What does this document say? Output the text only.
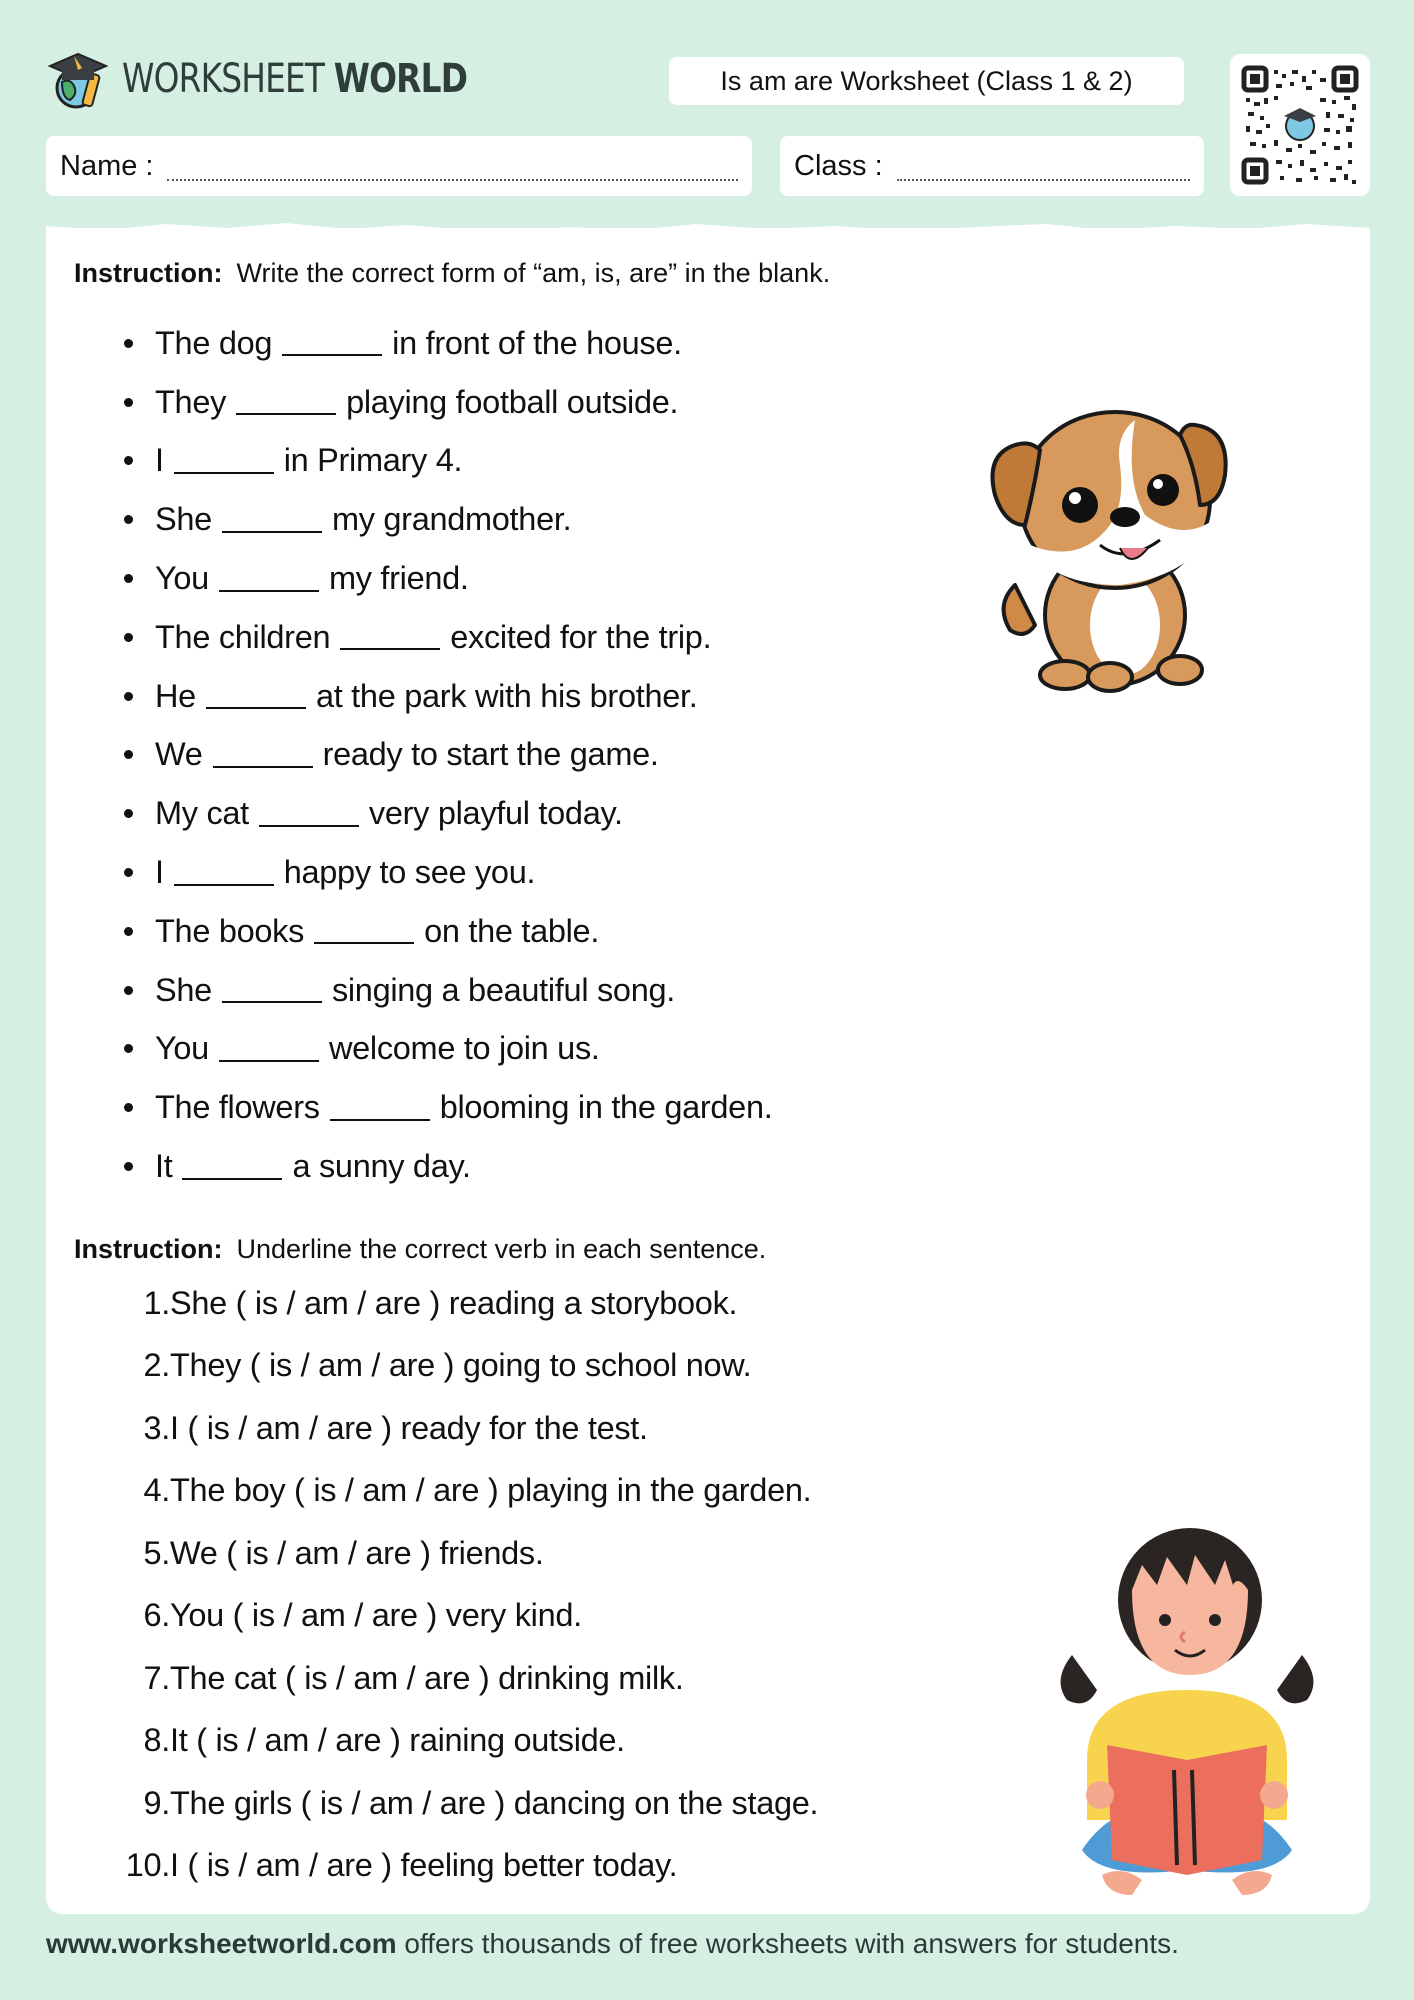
WORKSHEET WORLD	Is am are Worksheet (Class 1 & 2)
Name :	Class :
Instruction: Write the correct form of “am, is, are” in the blank.
The dog	in front of the house.
They	playing football outside.
I	in Primary 4.
She	my grandmother.
You	my friend.
The children	excited for the trip.
He	at the park with his brother.
We	ready to start the game.
My cat	very playful today.
I	happy to see you.
The books	on the table.
She	singing a beautiful song.
You	welcome to join us.
The flowers	blooming in the garden.
It	a sunny day.
Instruction: Underline the correct verb in each sentence.
1. She ( is / am / are ) reading a storybook.
2. They ( is / am / are ) going to school now.
3. I ( is / am / are ) ready for the test.
4. The boy ( is / am / are ) playing in the garden.
5. We ( is / am / are ) friends.
6. You ( is / am / are ) very kind.
7. The cat ( is / am / are ) drinking milk.
8. It ( is / am / are ) raining outside.
9. The girls ( is / am / are ) dancing on the stage.
10. I ( is / am / are ) feeling better today.
www.worksheetworld.com offers thousands of free worksheets with answers for students.
